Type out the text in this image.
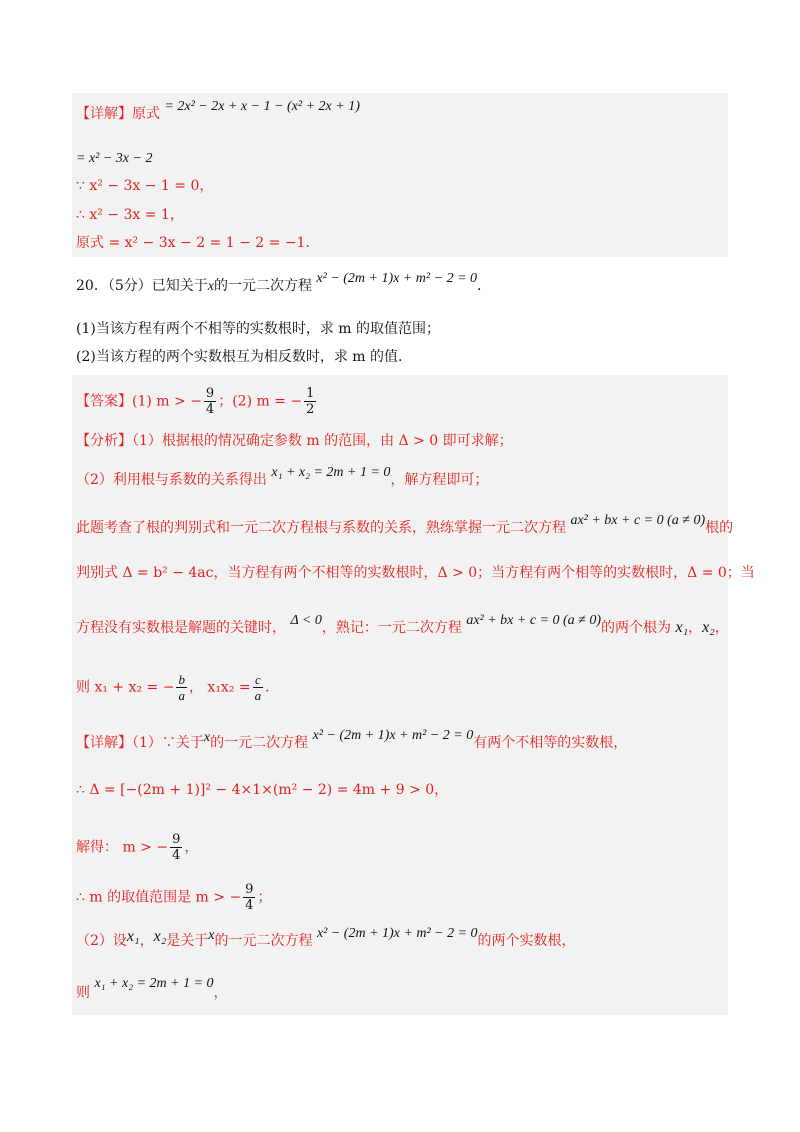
【详解】原式 = 2x² − 2x + x − 1 − (x² + 2x + 1)
= x² − 3x − 2
∵ x² − 3x − 1 = 0，
∴ x² − 3x = 1，
原式 = x² − 3x − 2 = 1 − 2 = −1．
20．（5分）已知关于x的一元二次方程 x² − (2m + 1)x + m² − 2 = 0．
(1)当该方程有两个不相等的实数根时，求 m 的取值范围；
(2)当该方程的两个实数根互为相反数时，求 m 的值．
【答案】(1) m > − $\frac{9}{4}$ ；(2) m = − $\frac{1}{2}$
【分析】（1）根据根的情况确定参数 m 的范围，由 Δ > 0 即可求解；
（2）利用根与系数的关系得出 x₁ + x₂ = 2m + 1 = 0，解方程即可；
此题考查了根的判别式和一元二次方程根与系数的关系，熟练掌握一元二次方程 ax² + bx + c = 0 (a ≠ 0)根的
判别式 Δ = b² − 4ac，当方程有两个不相等的实数根时，Δ > 0；当方程有两个相等的实数根时，Δ = 0；当
方程没有实数根是解题的关键时， Δ < 0，熟记：一元二次方程 ax² + bx + c = 0 (a ≠ 0)的两个根为 x₁，x₂，
则 x₁ + x₂ = − $\frac{b}{a}$ ， $x_1x_2 = \frac{c}{a}$ ．
【详解】（1）∵关于x的一元二次方程 x² − (2m + 1)x + m² − 2 = 0有两个不相等的实数根，
∴ Δ = [−(2m + 1)]² − 4×1×(m² − 2) = 4m + 9 > 0，
解得： m > − $\frac{9}{4}$ ，
∴ m 的取值范围是 m > − $\frac{9}{4}$ ；
（2）设x₁，x₂是关于x的一元二次方程 x² − (2m + 1)x + m² − 2 = 0的两个实数根，
则 x₁ + x₂ = 2m + 1 = 0，
